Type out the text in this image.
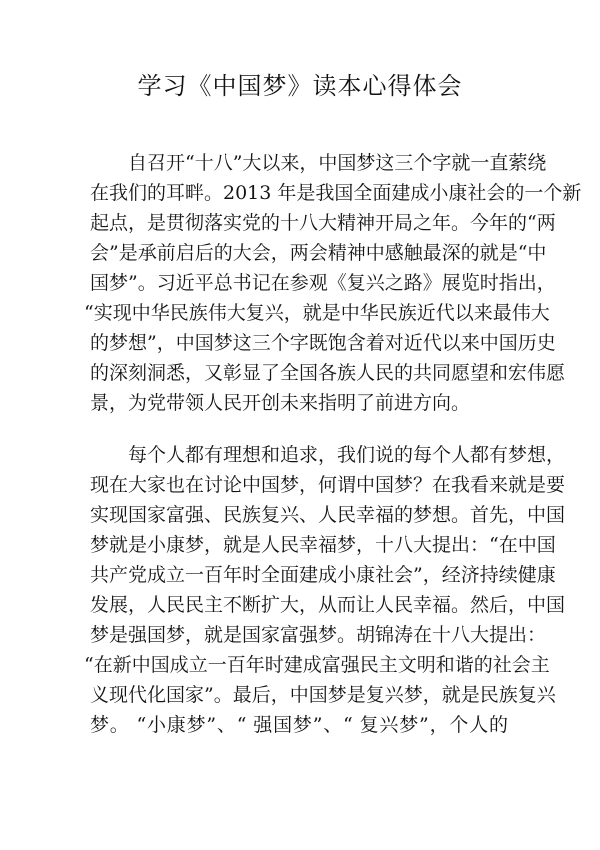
学习《中国梦》读本心得体会
自召开“十八”大以来，中国梦这三个字就一直萦绕
在我们的耳畔。2013 年是我国全面建成小康社会的一个新
起点，是贯彻落实党的十八大精神开局之年。今年的“两
会”是承前启后的大会，两会精神中感触最深的就是“中
国梦”。习近平总书记在参观《复兴之路》展览时指出，
“实现中华民族伟大复兴，就是中华民族近代以来最伟大
的梦想”，中国梦这三个字既饱含着对近代以来中国历史
的深刻洞悉，又彰显了全国各族人民的共同愿望和宏伟愿
景，为党带领人民开创未来指明了前进方向。
每个人都有理想和追求，我们说的每个人都有梦想，
现在大家也在讨论中国梦，何谓中国梦？在我看来就是要
实现国家富强、民族复兴、人民幸福的梦想。首先，中国
梦就是小康梦，就是人民幸福梦，十八大提出：“在中国
共产党成立一百年时全面建成小康社会”，经济持续健康
发展，人民民主不断扩大，从而让人民幸福。然后，中国
梦是强国梦，就是国家富强梦。胡锦涛在十八大提出：
“在新中国成立一百年时建成富强民主文明和谐的社会主
义现代化国家”。最后，中国梦是复兴梦，就是民族复兴
梦。 “小康梦”、“ 强国梦”、“ 复兴梦”，个人的
